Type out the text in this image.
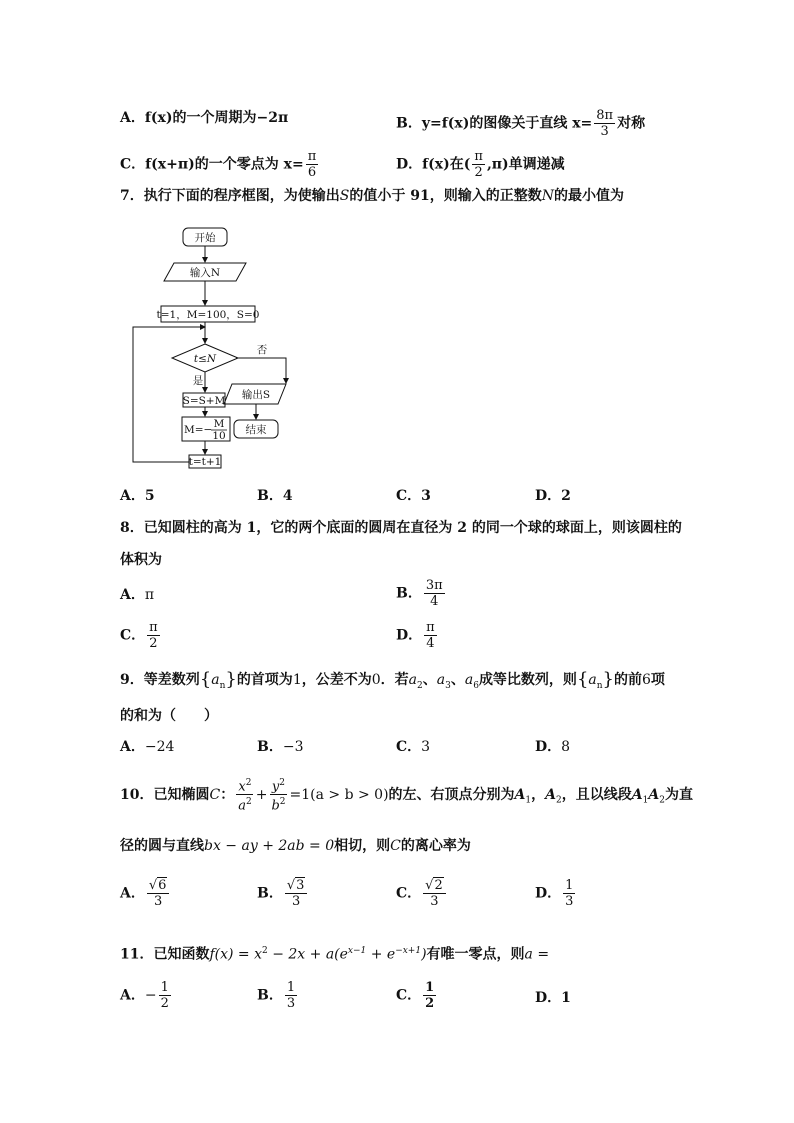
A．f(x)的一个周期为−2π	B．y=f(x)的图像关于直线 $x= \frac{8\pi}{3}$ 对称
C．f(x+π)的一个零点为 $x= \frac{\pi}{6}$	D．f(x)在( $\frac{\pi}{2} ,\pi$)单调递减
7．执行下面的程序框图，为使输出S的值小于 91，则输入的正整数N的最小值为
开始
输入N
t=1，M=100，S=0
t≤N
否
是
S=S+M
M=− M
10
t=t+1
输出S
结束
A．5	B．4	C．3	D．2
8．已知圆柱的高为 1，它的两个底面的圆周在直径为 2 的同一个球的球面上，则该圆柱的
体积为
A．π	B． $\frac{3\pi}{4}$
C． $\frac{\pi}{2}$	D． $\frac{\pi}{4}$
9．等差数列$\{a_n\}$的首项为1，公差不为0．若$a_2$、$a_3$、$a_6$成等比数列，则$\{a_n\}$的前6项
的和为（　　）
A．−24	B．−3	C．3	D．8
10．已知椭圆C： $\frac{x^2}{a^2} + \frac{y^2}{b^2} =1(a > b > 0)$的左、右顶点分别为$A_1$，$A_2$，且以线段$A_1A_2$为直
径的圆与直线bx − ay + 2ab = 0相切，则C的离心率为
A． $\frac{√6}{3}$	B． $\frac{√3}{3}$	C． $\frac{√2}{3}$	D． $\frac{1}{3}$
11．已知函数$f(x) = x^2 - 2x + a(e^{x-1} + e^{-x+1})$有唯一零点，则a =
A．− $\frac{1}{2}$	B． $\frac{1}{3}$	C． $\frac{1}{2}$	D．1
